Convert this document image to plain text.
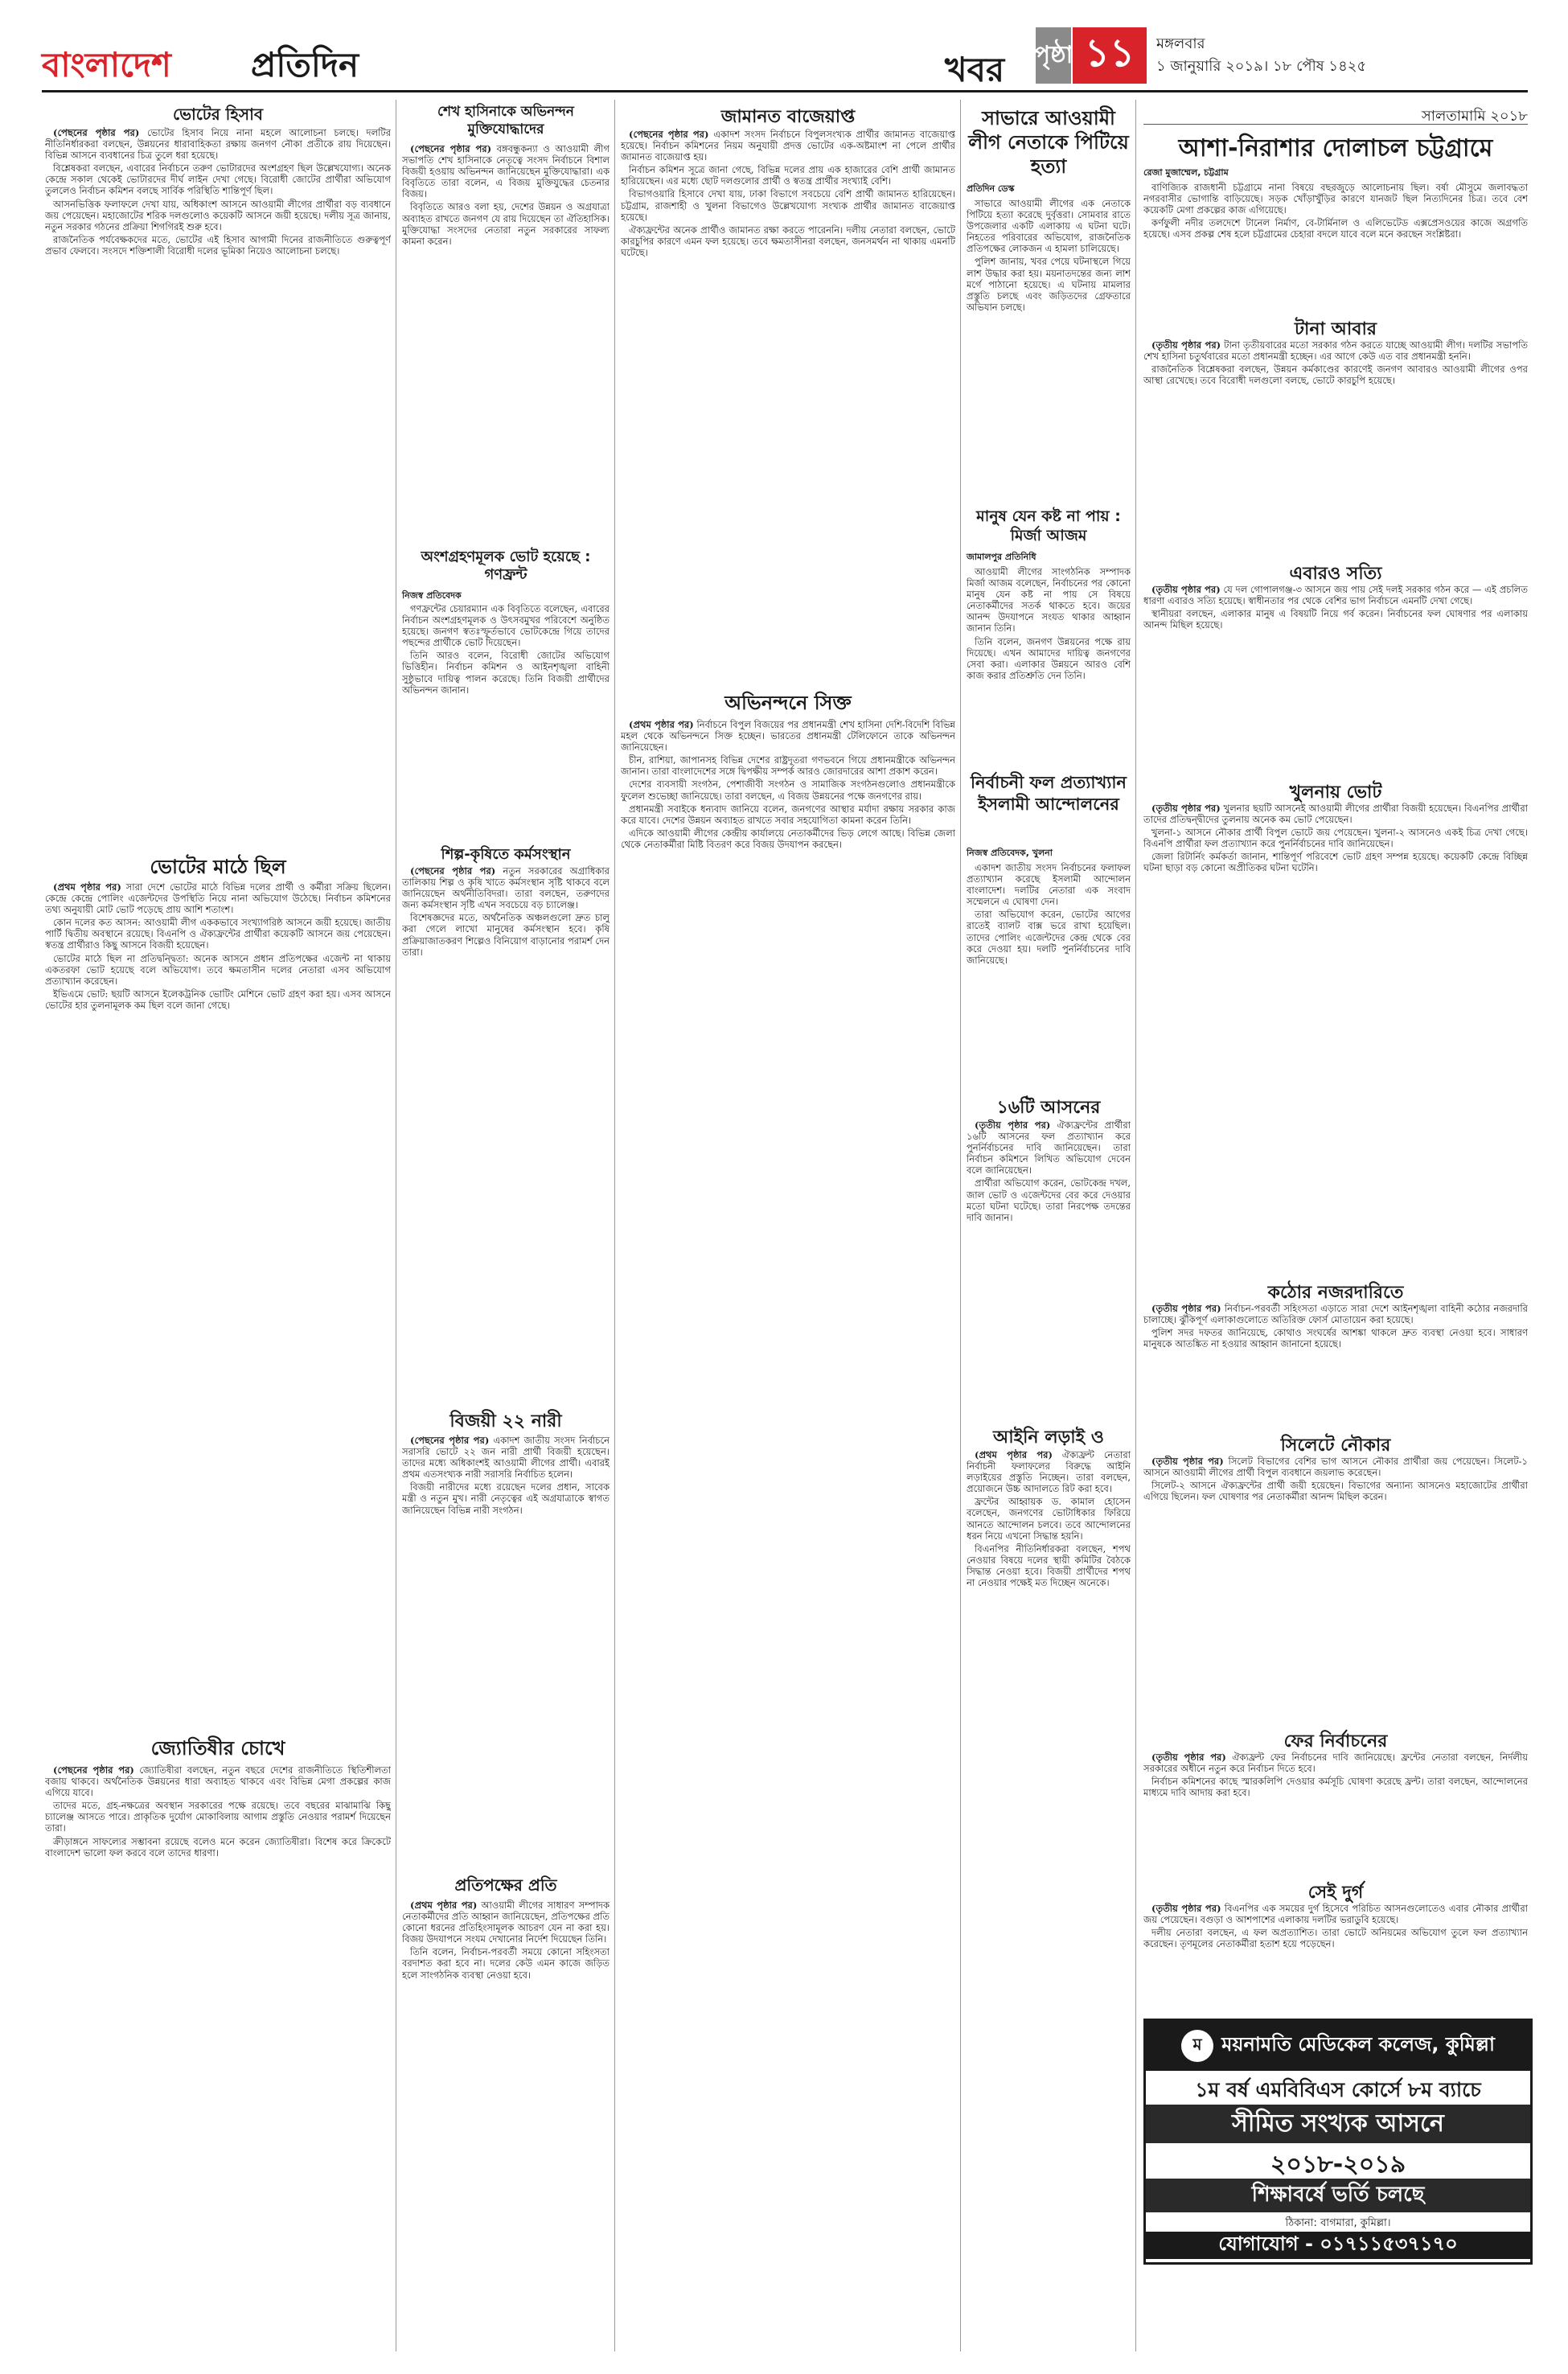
বাংলাদেশ প্রতিদিন	খবর পৃষ্ঠা ১১	মঙ্গলবার
১ জানুয়ারি ২০১৯। ১৮ পৌষ ১৪২৫
ভোটের হিসাব

(পেছনের পৃষ্ঠার পর) ভোটের হিসাব নিয়ে নানা মহলে আলোচনা চলছে। দলটির নীতিনির্ধারকরা বলছেন, উন্নয়নের ধারাবাহিকতা রক্ষায় জনগণ নৌকা প্রতীকে রায় দিয়েছেন। বিভিন্ন আসনে ব্যবধানের চিত্র তুলে ধরা হয়েছে।

বিশ্লেষকরা বলছেন, এবারের নির্বাচনে তরুণ ভোটারদের অংশগ্রহণ ছিল উল্লেখযোগ্য। অনেক কেন্দ্রে সকাল থেকেই ভোটারদের দীর্ঘ লাইন দেখা গেছে। বিরোধী জোটের প্রার্থীরা অভিযোগ তুললেও নির্বাচন কমিশন বলছে সার্বিক পরিস্থিতি শান্তিপূর্ণ ছিল।

আসনভিত্তিক ফলাফলে দেখা যায়, অধিকাংশ আসনে আওয়ামী লীগের প্রার্থীরা বড় ব্যবধানে জয় পেয়েছেন। মহাজোটের শরিক দলগুলোও কয়েকটি আসনে জয়ী হয়েছে। দলীয় সূত্র জানায়, নতুন সরকার গঠনের প্রক্রিয়া শিগগিরই শুরু হবে।

রাজনৈতিক পর্যবেক্ষকদের মতে, ভোটের এই হিসাব আগামী দিনের রাজনীতিতে গুরুত্বপূর্ণ প্রভাব ফেলবে। সংসদে শক্তিশালী বিরোধী দলের ভূমিকা নিয়েও আলোচনা চলছে।

ভোটের মাঠে ছিল

(প্রথম পৃষ্ঠার পর) সারা দেশে ভোটের মাঠে বিভিন্ন দলের প্রার্থী ও কর্মীরা সক্রিয় ছিলেন। কেন্দ্রে কেন্দ্রে পোলিং এজেন্টদের উপস্থিতি নিয়ে নানা অভিযোগ উঠেছে। নির্বাচন কমিশনের তথ্য অনুযায়ী মোট ভোট পড়েছে প্রায় আশি শতাংশ।

কোন দলের কত আসন: আওয়ামী লীগ এককভাবে সংখ্যাগরিষ্ঠ আসনে জয়ী হয়েছে। জাতীয় পার্টি দ্বিতীয় অবস্থানে রয়েছে। বিএনপি ও ঐক্যফ্রন্টের প্রার্থীরা কয়েকটি আসনে জয় পেয়েছেন। স্বতন্ত্র প্রার্থীরাও কিছু আসনে বিজয়ী হয়েছেন।

ভোটের মাঠে ছিল না প্রতিদ্বন্দ্বিতা: অনেক আসনে প্রধান প্রতিপক্ষের এজেন্ট না থাকায় একতরফা ভোট হয়েছে বলে অভিযোগ। তবে ক্ষমতাসীন দলের নেতারা এসব অভিযোগ প্রত্যাখ্যান করেছেন।

ইভিএমে ভোট: ছয়টি আসনে ইলেকট্রনিক ভোটিং মেশিনে ভোট গ্রহণ করা হয়। এসব আসনে ভোটের হার তুলনামূলক কম ছিল বলে জানা গেছে।

জ্যোতিষীর চোখে

(পেছনের পৃষ্ঠার পর) জ্যোতিষীরা বলছেন, নতুন বছরে দেশের রাজনীতিতে স্থিতিশীলতা বজায় থাকবে। অর্থনৈতিক উন্নয়নের ধারা অব্যাহত থাকবে এবং বিভিন্ন মেগা প্রকল্পের কাজ এগিয়ে যাবে।

তাদের মতে, গ্রহ-নক্ষত্রের অবস্থান সরকারের পক্ষে রয়েছে। তবে বছরের মাঝামাঝি কিছু চ্যালেঞ্জ আসতে পারে। প্রাকৃতিক দুর্যোগ মোকাবিলায় আগাম প্রস্তুতি নেওয়ার পরামর্শ দিয়েছেন তারা।

ক্রীড়াঙ্গনে সাফল্যের সম্ভাবনা রয়েছে বলেও মনে করেন জ্যোতিষীরা। বিশেষ করে ক্রিকেটে বাংলাদেশ ভালো ফল করবে বলে তাদের ধারণা।

শেখ হাসিনাকে অভিনন্দন মুক্তিযোদ্ধাদের

(পেছনের পৃষ্ঠার পর) বঙ্গবন্ধুকন্যা ও আওয়ামী লীগ সভাপতি শেখ হাসিনাকে নেতৃত্বে সংসদ নির্বাচনে বিশাল বিজয়ী হওয়ায় অভিনন্দন জানিয়েছেন মুক্তিযোদ্ধারা। এক বিবৃতিতে তারা বলেন, এ বিজয় মুক্তিযুদ্ধের চেতনার বিজয়।

বিবৃতিতে আরও বলা হয়, দেশের উন্নয়ন ও অগ্রযাত্রা অব্যাহত রাখতে জনগণ যে রায় দিয়েছেন তা ঐতিহাসিক। মুক্তিযোদ্ধা সংসদের নেতারা নতুন সরকারের সাফল্য কামনা করেন।

অংশগ্রহণমূলক ভোট হয়েছে : গণফ্রন্ট
নিজস্ব প্রতিবেদক

গণফ্রন্টের চেয়ারম্যান এক বিবৃতিতে বলেছেন, এবারের নির্বাচন অংশগ্রহণমূলক ও উৎসবমুখর পরিবেশে অনুষ্ঠিত হয়েছে। জনগণ স্বতঃস্ফূর্তভাবে ভোটকেন্দ্রে গিয়ে তাদের পছন্দের প্রার্থীকে ভোট দিয়েছেন।

তিনি আরও বলেন, বিরোধী জোটের অভিযোগ ভিত্তিহীন। নির্বাচন কমিশন ও আইনশৃঙ্খলা বাহিনী সুষ্ঠুভাবে দায়িত্ব পালন করেছে। তিনি বিজয়ী প্রার্থীদের অভিনন্দন জানান।

শিল্প-কৃষিতে কর্মসংস্থান

(পেছনের পৃষ্ঠার পর) নতুন সরকারের অগ্রাধিকার তালিকায় শিল্প ও কৃষি খাতে কর্মসংস্থান সৃষ্টি থাকবে বলে জানিয়েছেন অর্থনীতিবিদরা। তারা বলছেন, তরুণদের জন্য কর্মসংস্থান সৃষ্টি এখন সবচেয়ে বড় চ্যালেঞ্জ।

বিশেষজ্ঞদের মতে, অর্থনৈতিক অঞ্চলগুলো দ্রুত চালু করা গেলে লাখো মানুষের কর্মসংস্থান হবে। কৃষি প্রক্রিয়াজাতকরণ শিল্পেও বিনিয়োগ বাড়ানোর পরামর্শ দেন তারা।

বিজয়ী ২২ নারী

(পেছনের পৃষ্ঠার পর) একাদশ জাতীয় সংসদ নির্বাচনে সরাসরি ভোটে ২২ জন নারী প্রার্থী বিজয়ী হয়েছেন। তাদের মধ্যে অধিকাংশই আওয়ামী লীগের প্রার্থী। এবারই প্রথম এতসংখ্যক নারী সরাসরি নির্বাচিত হলেন।

বিজয়ী নারীদের মধ্যে রয়েছেন দলের প্রধান, সাবেক মন্ত্রী ও নতুন মুখ। নারী নেতৃত্বের এই অগ্রযাত্রাকে স্বাগত জানিয়েছেন বিভিন্ন নারী সংগঠন।

প্রতিপক্ষের প্রতি

(প্রথম পৃষ্ঠার পর) আওয়ামী লীগের সাধারণ সম্পাদক নেতাকর্মীদের প্রতি আহ্বান জানিয়েছেন, প্রতিপক্ষের প্রতি কোনো ধরনের প্রতিহিংসামূলক আচরণ যেন না করা হয়। বিজয় উদযাপনে সংযম দেখানোর নির্দেশ দিয়েছেন তিনি।

তিনি বলেন, নির্বাচন-পরবর্তী সময়ে কোনো সহিংসতা বরদাশত করা হবে না। দলের কেউ এমন কাজে জড়িত হলে সাংগঠনিক ব্যবস্থা নেওয়া হবে।

জামানত বাজেয়াপ্ত

(পেছনের পৃষ্ঠার পর) একাদশ সংসদ নির্বাচনে বিপুলসংখ্যক প্রার্থীর জামানত বাজেয়াপ্ত হয়েছে। নির্বাচন কমিশনের নিয়ম অনুযায়ী প্রদত্ত ভোটের এক-অষ্টমাংশ না পেলে প্রার্থীর জামানত বাজেয়াপ্ত হয়।

নির্বাচন কমিশন সূত্রে জানা গেছে, বিভিন্ন দলের প্রায় এক হাজারের বেশি প্রার্থী জামানত হারিয়েছেন। এর মধ্যে ছোট দলগুলোর প্রার্থী ও স্বতন্ত্র প্রার্থীর সংখ্যাই বেশি।

বিভাগওয়ারি হিসাবে দেখা যায়, ঢাকা বিভাগে সবচেয়ে বেশি প্রার্থী জামানত হারিয়েছেন। চট্টগ্রাম, রাজশাহী ও খুলনা বিভাগেও উল্লেখযোগ্য সংখ্যক প্রার্থীর জামানত বাজেয়াপ্ত হয়েছে।

ঐক্যফ্রন্টের অনেক প্রার্থীও জামানত রক্ষা করতে পারেননি। দলীয় নেতারা বলছেন, ভোটে কারচুপির কারণে এমন ফল হয়েছে। তবে ক্ষমতাসীনরা বলছেন, জনসমর্থন না থাকায় এমনটি ঘটেছে।

অভিনন্দনে সিক্ত

(প্রথম পৃষ্ঠার পর) নির্বাচনে বিপুল বিজয়ের পর প্রধানমন্ত্রী শেখ হাসিনা দেশি-বিদেশি বিভিন্ন মহল থেকে অভিনন্দনে সিক্ত হচ্ছেন। ভারতের প্রধানমন্ত্রী টেলিফোনে তাকে অভিনন্দন জানিয়েছেন।

চীন, রাশিয়া, জাপানসহ বিভিন্ন দেশের রাষ্ট্রদূতরা গণভবনে গিয়ে প্রধানমন্ত্রীকে অভিনন্দন জানান। তারা বাংলাদেশের সঙ্গে দ্বিপক্ষীয় সম্পর্ক আরও জোরদারের আশা প্রকাশ করেন।

দেশের ব্যবসায়ী সংগঠন, পেশাজীবী সংগঠন ও সামাজিক সংগঠনগুলোও প্রধানমন্ত্রীকে ফুলেল শুভেচ্ছা জানিয়েছে। তারা বলছেন, এ বিজয় উন্নয়নের পক্ষে জনগণের রায়।

প্রধানমন্ত্রী সবাইকে ধন্যবাদ জানিয়ে বলেন, জনগণের আস্থার মর্যাদা রক্ষায় সরকার কাজ করে যাবে। দেশের উন্নয়ন অব্যাহত রাখতে সবার সহযোগিতা কামনা করেন তিনি।

এদিকে আওয়ামী লীগের কেন্দ্রীয় কার্যালয়ে নেতাকর্মীদের ভিড় লেগে আছে। বিভিন্ন জেলা থেকে নেতাকর্মীরা মিষ্টি বিতরণ করে বিজয় উদযাপন করছেন।

সাভারে আওয়ামী লীগ নেতাকে পিটিয়ে হত্যা
প্রতিদিন ডেস্ক

সাভারে আওয়ামী লীগের এক নেতাকে পিটিয়ে হত্যা করেছে দুর্বৃত্তরা। সোমবার রাতে উপজেলার একটি এলাকায় এ ঘটনা ঘটে। নিহতের পরিবারের অভিযোগ, রাজনৈতিক প্রতিপক্ষের লোকজন এ হামলা চালিয়েছে।

পুলিশ জানায়, খবর পেয়ে ঘটনাস্থলে গিয়ে লাশ উদ্ধার করা হয়। ময়নাতদন্তের জন্য লাশ মর্গে পাঠানো হয়েছে। এ ঘটনায় মামলার প্রস্তুতি চলছে এবং জড়িতদের গ্রেফতারে অভিযান চলছে।

মানুষ যেন কষ্ট না পায় : মির্জা আজম
জামালপুর প্রতিনিধি

আওয়ামী লীগের সাংগঠনিক সম্পাদক মির্জা আজম বলেছেন, নির্বাচনের পর কোনো মানুষ যেন কষ্ট না পায় সে বিষয়ে নেতাকর্মীদের সতর্ক থাকতে হবে। জয়ের আনন্দ উদযাপনে সংযত থাকার আহ্বান জানান তিনি।

তিনি বলেন, জনগণ উন্নয়নের পক্ষে রায় দিয়েছে। এখন আমাদের দায়িত্ব জনগণের সেবা করা। এলাকার উন্নয়নে আরও বেশি কাজ করার প্রতিশ্রুতি দেন তিনি।

নির্বাচনী ফল প্রত্যাখ্যান ইসলামী আন্দোলনের
নিজস্ব প্রতিবেদক, খুলনা

একাদশ জাতীয় সংসদ নির্বাচনের ফলাফল প্রত্যাখ্যান করেছে ইসলামী আন্দোলন বাংলাদেশ। দলটির নেতারা এক সংবাদ সম্মেলনে এ ঘোষণা দেন।

তারা অভিযোগ করেন, ভোটের আগের রাতেই ব্যালট বাক্স ভরে রাখা হয়েছিল। তাদের পোলিং এজেন্টদের কেন্দ্র থেকে বের করে দেওয়া হয়। দলটি পুনর্নির্বাচনের দাবি জানিয়েছে।

১৬টি আসনের

(তৃতীয় পৃষ্ঠার পর) ঐক্যফ্রন্টের প্রার্থীরা ১৬টি আসনের ফল প্রত্যাখ্যান করে পুনর্নির্বাচনের দাবি জানিয়েছেন। তারা নির্বাচন কমিশনে লিখিত অভিযোগ দেবেন বলে জানিয়েছেন।

প্রার্থীরা অভিযোগ করেন, ভোটকেন্দ্র দখল, জাল ভোট ও এজেন্টদের বের করে দেওয়ার মতো ঘটনা ঘটেছে। তারা নিরপেক্ষ তদন্তের দাবি জানান।

আইনি লড়াই ও

(প্রথম পৃষ্ঠার পর) ঐক্যফ্রন্ট নেতারা নির্বাচনী ফলাফলের বিরুদ্ধে আইনি লড়াইয়ের প্রস্তুতি নিচ্ছেন। তারা বলছেন, প্রয়োজনে উচ্চ আদালতে রিট করা হবে।

ফ্রন্টের আহ্বায়ক ড. কামাল হোসেন বলেছেন, জনগণের ভোটাধিকার ফিরিয়ে আনতে আন্দোলন চলবে। তবে আন্দোলনের ধরন নিয়ে এখনো সিদ্ধান্ত হয়নি।

বিএনপির নীতিনির্ধারকরা বলছেন, শপথ নেওয়ার বিষয়ে দলের স্থায়ী কমিটির বৈঠকে সিদ্ধান্ত নেওয়া হবে। বিজয়ী প্রার্থীদের শপথ না নেওয়ার পক্ষেই মত দিচ্ছেন অনেকে।

সালতামামি ২০১৮
আশা-নিরাশার দোলাচল চট্টগ্রামে
রেজা মুজাম্মেল, চট্টগ্রাম

বাণিজ্যিক রাজধানী চট্টগ্রামে নানা বিষয়ে বছরজুড়ে আলোচনায় ছিল। বর্ষা মৌসুমে জলাবদ্ধতা নগরবাসীর ভোগান্তি বাড়িয়েছে। সড়ক খোঁড়াখুঁড়ির কারণে যানজট ছিল নিত্যদিনের চিত্র। তবে বেশ কয়েকটি মেগা প্রকল্পের কাজ এগিয়েছে।

কর্ণফুলী নদীর তলদেশে টানেল নির্মাণ, বে-টার্মিনাল ও এলিভেটেড এক্সপ্রেসওয়ের কাজে অগ্রগতি হয়েছে। এসব প্রকল্প শেষ হলে চট্টগ্রামের চেহারা বদলে যাবে বলে মনে করছেন সংশ্লিষ্টরা।

টানা আবার

(তৃতীয় পৃষ্ঠার পর) টানা তৃতীয়বারের মতো সরকার গঠন করতে যাচ্ছে আওয়ামী লীগ। দলটির সভাপতি শেখ হাসিনা চতুর্থবারের মতো প্রধানমন্ত্রী হচ্ছেন। এর আগে কেউ এত বার প্রধানমন্ত্রী হননি।

রাজনৈতিক বিশ্লেষকরা বলছেন, উন্নয়ন কর্মকাণ্ডের কারণেই জনগণ আবারও আওয়ামী লীগের ওপর আস্থা রেখেছে। তবে বিরোধী দলগুলো বলছে, ভোটে কারচুপি হয়েছে।

এবারও সত্যি

(তৃতীয় পৃষ্ঠার পর) যে দল গোপালগঞ্জ-৩ আসনে জয় পায় সেই দলই সরকার গঠন করে — এই প্রচলিত ধারণা এবারও সত্যি হয়েছে। স্বাধীনতার পর থেকে বেশির ভাগ নির্বাচনে এমনটি দেখা গেছে।

স্থানীয়রা বলছেন, এলাকার মানুষ এ বিষয়টি নিয়ে গর্ব করেন। নির্বাচনের ফল ঘোষণার পর এলাকায় আনন্দ মিছিল হয়েছে।

খুলনায় ভোট

(তৃতীয় পৃষ্ঠার পর) খুলনার ছয়টি আসনেই আওয়ামী লীগের প্রার্থীরা বিজয়ী হয়েছেন। বিএনপির প্রার্থীরা তাদের প্রতিদ্বন্দ্বীদের তুলনায় অনেক কম ভোট পেয়েছেন।

খুলনা-১ আসনে নৌকার প্রার্থী বিপুল ভোটে জয় পেয়েছেন। খুলনা-২ আসনেও একই চিত্র দেখা গেছে। বিএনপি প্রার্থীরা ফল প্রত্যাখ্যান করে পুনর্নির্বাচনের দাবি জানিয়েছেন।

জেলা রিটার্নিং কর্মকর্তা জানান, শান্তিপূর্ণ পরিবেশে ভোট গ্রহণ সম্পন্ন হয়েছে। কয়েকটি কেন্দ্রে বিচ্ছিন্ন ঘটনা ছাড়া বড় কোনো অপ্রীতিকর ঘটনা ঘটেনি।

কঠোর নজরদারিতে

(তৃতীয় পৃষ্ঠার পর) নির্বাচন-পরবর্তী সহিংসতা এড়াতে সারা দেশে আইনশৃঙ্খলা বাহিনী কঠোর নজরদারি চালাচ্ছে। ঝুঁকিপূর্ণ এলাকাগুলোতে অতিরিক্ত ফোর্স মোতায়েন করা হয়েছে।

পুলিশ সদর দফতর জানিয়েছে, কোথাও সংঘর্ষের আশঙ্কা থাকলে দ্রুত ব্যবস্থা নেওয়া হবে। সাধারণ মানুষকে আতঙ্কিত না হওয়ার আহ্বান জানানো হয়েছে।

সিলেটে নৌকার

(তৃতীয় পৃষ্ঠার পর) সিলেট বিভাগের বেশির ভাগ আসনে নৌকার প্রার্থীরা জয় পেয়েছেন। সিলেট-১ আসনে আওয়ামী লীগের প্রার্থী বিপুল ব্যবধানে জয়লাভ করেছেন।

সিলেট-২ আসনে ঐক্যফ্রন্টের প্রার্থী জয়ী হয়েছেন। বিভাগের অন্যান্য আসনেও মহাজোটের প্রার্থীরা এগিয়ে ছিলেন। ফল ঘোষণার পর নেতাকর্মীরা আনন্দ মিছিল করেন।

ফের নির্বাচনের

(তৃতীয় পৃষ্ঠার পর) ঐক্যফ্রন্ট ফের নির্বাচনের দাবি জানিয়েছে। ফ্রন্টের নেতারা বলছেন, নির্দলীয় সরকারের অধীনে নতুন করে নির্বাচন দিতে হবে।

নির্বাচন কমিশনের কাছে স্মারকলিপি দেওয়ার কর্মসূচি ঘোষণা করেছে ফ্রন্ট। তারা বলছেন, আন্দোলনের মাধ্যমে দাবি আদায় করা হবে।

সেই দুর্গ

(তৃতীয় পৃষ্ঠার পর) বিএনপির এক সময়ের দুর্গ হিসেবে পরিচিত আসনগুলোতেও এবার নৌকার প্রার্থীরা জয় পেয়েছেন। বগুড়া ও আশপাশের এলাকায় দলটির ভরাডুবি হয়েছে।

দলীয় নেতারা বলছেন, এ ফল অপ্রত্যাশিত। তারা ভোটে অনিয়মের অভিযোগ তুলে ফল প্রত্যাখ্যান করেছেন। তৃণমূলের নেতাকর্মীরা হতাশ হয়ে পড়েছেন।

ম	ময়নামতি মেডিকেল কলেজ, কুমিল্লা
১ম বর্ষ এমবিবিএস কোর্সে ৮ম ব্যাচে
সীমিত সংখ্যক আসনে
২০১৮-২০১৯
শিক্ষাবর্ষে ভর্তি চলছে
ঠিকানা: বাগমারা, কুমিল্লা।
যোগাযোগ - ০১৭১১৫৩৭১৭০
